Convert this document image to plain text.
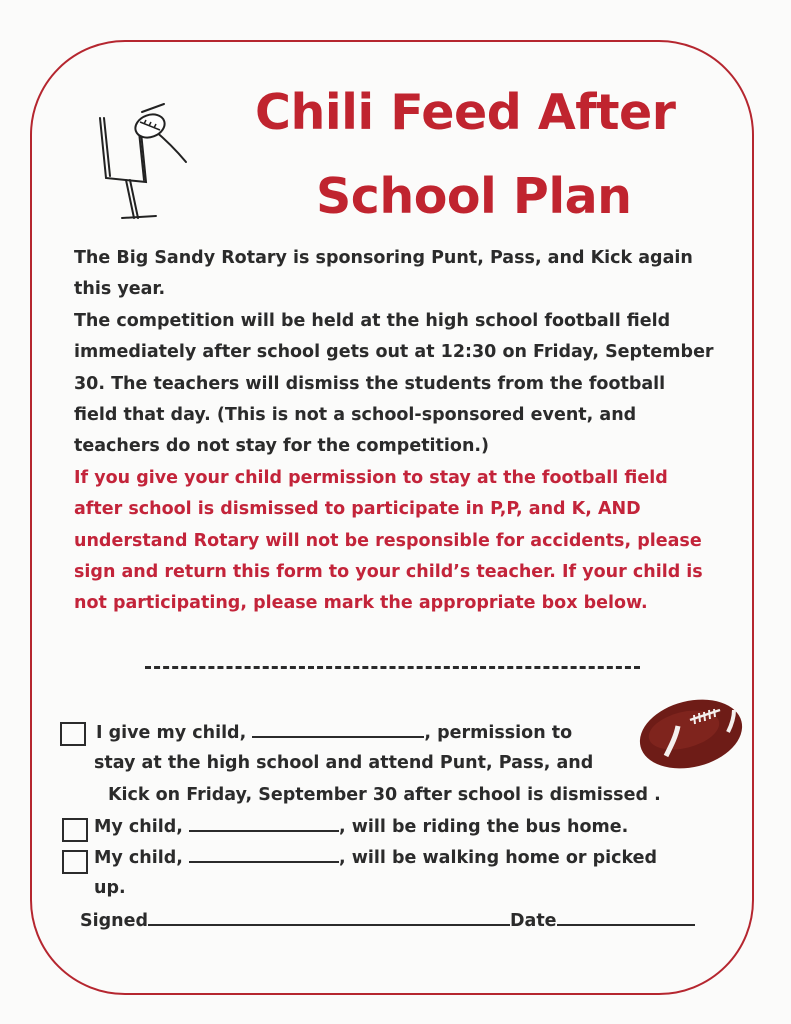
Chili Feed After
School Plan

The Big Sandy Rotary is sponsoring Punt, Pass, and Kick again this year.

The competition will be held at the high school football field immediately after school gets out at 12:30 on Friday, September 30. The teachers will dismiss the students from the football field that day. (This is not a school-sponsored event, and teachers do not stay for the competition.)

If you give your child permission to stay at the football field after school is dismissed to participate in P,P, and K, AND understand Rotary will not be responsible for accidents, please sign and return this form to your child’s teacher. If your child is not participating, please mark the appropriate box below.

I give my child,	, permission to

stay at the high school and attend Punt, Pass, and

Kick on Friday, September 30 after school is dismissed .

My child,	, will be riding the bus home.

My child,	, will be walking home or picked

up.

Signed	Date
